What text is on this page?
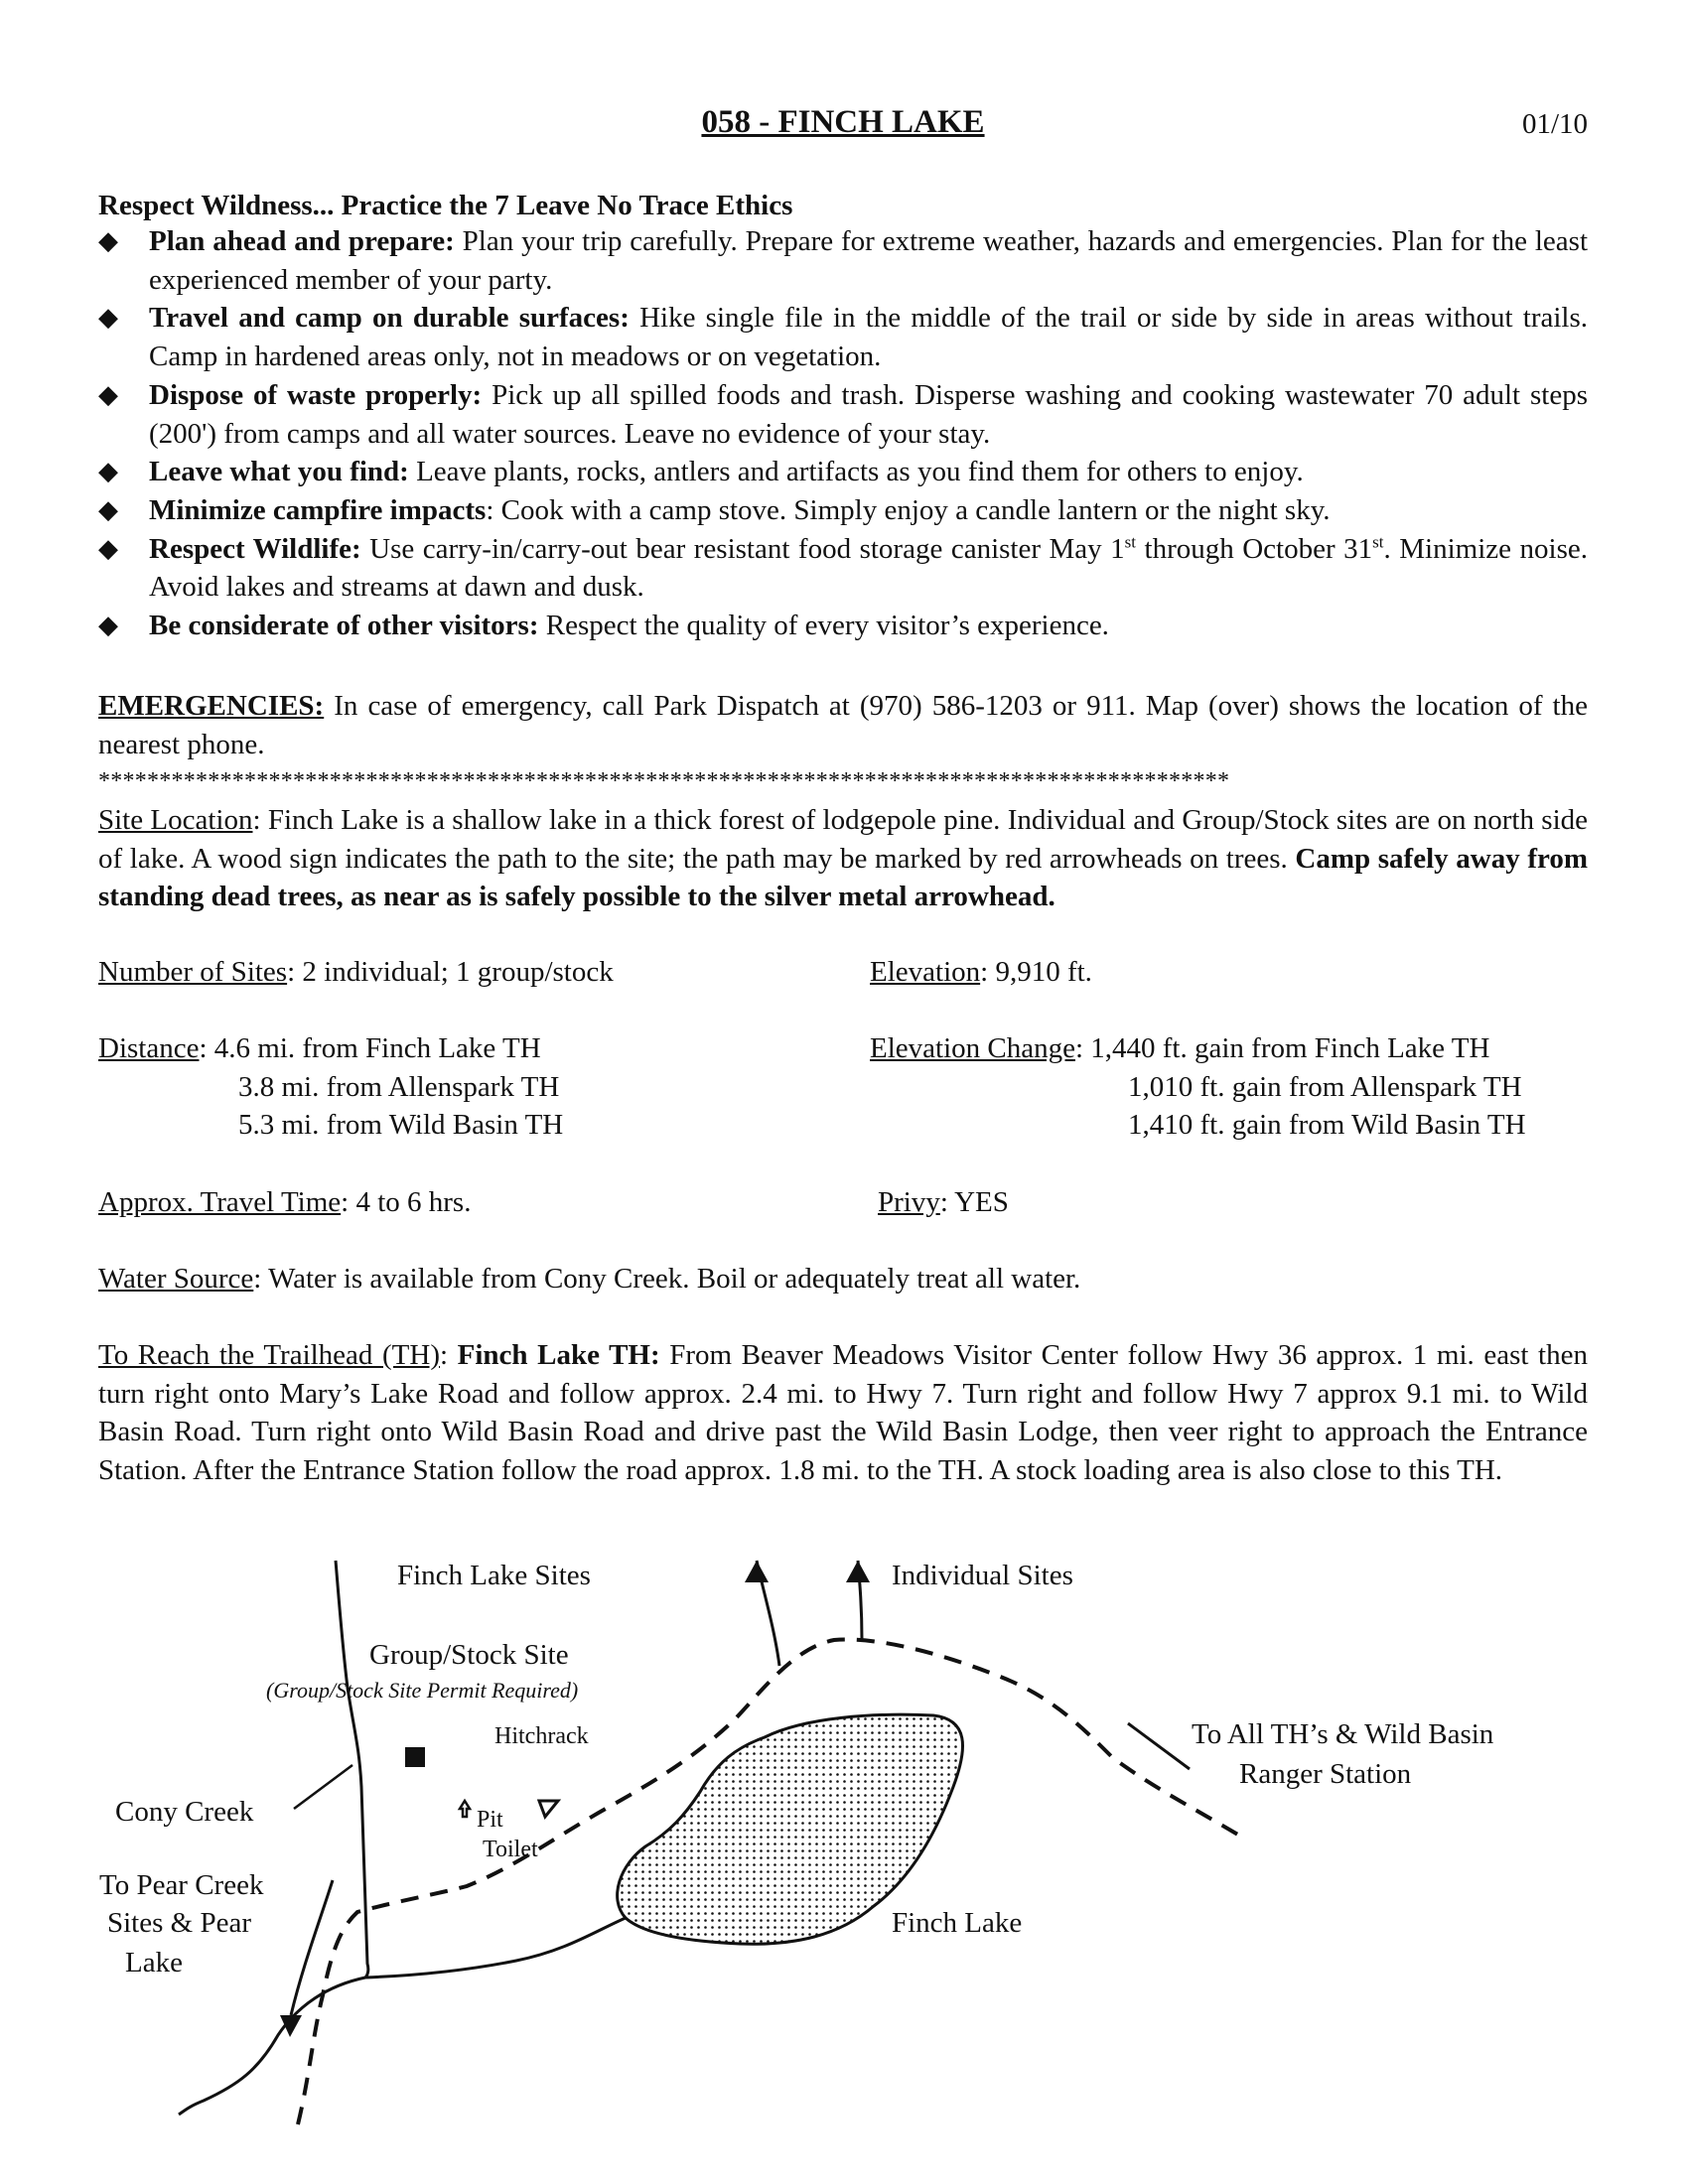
058 - FINCH LAKE	01/10
Respect Wildness... Practice the 7 Leave No Trace Ethics
◆ Plan ahead and prepare: Plan your trip carefully. Prepare for extreme weather, hazards and emergencies. Plan for the least experienced member of your party.
◆ Travel and camp on durable surfaces: Hike single file in the middle of the trail or side by side in areas without trails. Camp in hardened areas only, not in meadows or on vegetation.
◆ Dispose of waste properly: Pick up all spilled foods and trash. Disperse washing and cooking wastewater 70 adult steps (200') from camps and all water sources. Leave no evidence of your stay.
◆ Leave what you find: Leave plants, rocks, antlers and artifacts as you find them for others to enjoy.
◆ Minimize campfire impacts: Cook with a camp stove. Simply enjoy a candle lantern or the night sky.
◆ Respect Wildlife: Use carry-in/carry-out bear resistant food storage canister May 1st through October 31st. Minimize noise. Avoid lakes and streams at dawn and dusk.
◆ Be considerate of other visitors: Respect the quality of every visitor’s experience.
EMERGENCIES: In case of emergency, call Park Dispatch at (970) 586-1203 or 911. Map (over) shows the location of the nearest phone.
*********************************************************************************************
Site Location: Finch Lake is a shallow lake in a thick forest of lodgepole pine. Individual and Group/Stock sites are on north side of lake. A wood sign indicates the path to the site; the path may be marked by red arrowheads on trees. Camp safely away from standing dead trees, as near as is safely possible to the silver metal arrowhead.
Number of Sites: 2 individual; 1 group/stock	Elevation: 9,910 ft.
Distance: 4.6 mi. from Finch Lake TH
3.8 mi. from Allenspark TH
5.3 mi. from Wild Basin TH
Elevation Change: 1,440 ft. gain from Finch Lake TH
1,010 ft. gain from Allenspark TH
1,410 ft. gain from Wild Basin TH
Approx. Travel Time: 4 to 6 hrs.	Privy: YES
Water Source: Water is available from Cony Creek. Boil or adequately treat all water.
To Reach the Trailhead (TH): Finch Lake TH: From Beaver Meadows Visitor Center follow Hwy 36 approx. 1 mi. east then turn right onto Mary’s Lake Road and follow approx. 2.4 mi. to Hwy 7. Turn right and follow Hwy 7 approx 9.1 mi. to Wild Basin Road. Turn right onto Wild Basin Road and drive past the Wild Basin Lodge, then veer right to approach the Entrance Station. After the Entrance Station follow the road approx. 1.8 mi. to the TH. A stock loading area is also close to this TH.
Finch Lake Sites	Individual Sites
Group/Stock Site
(Group/Stock Site Permit Required)
Hitchrack	To All TH’s & Wild Basin
Ranger Station
Cony Creek	Pit
Toilet
To Pear Creek
Sites & Pear
Lake
Finch Lake
